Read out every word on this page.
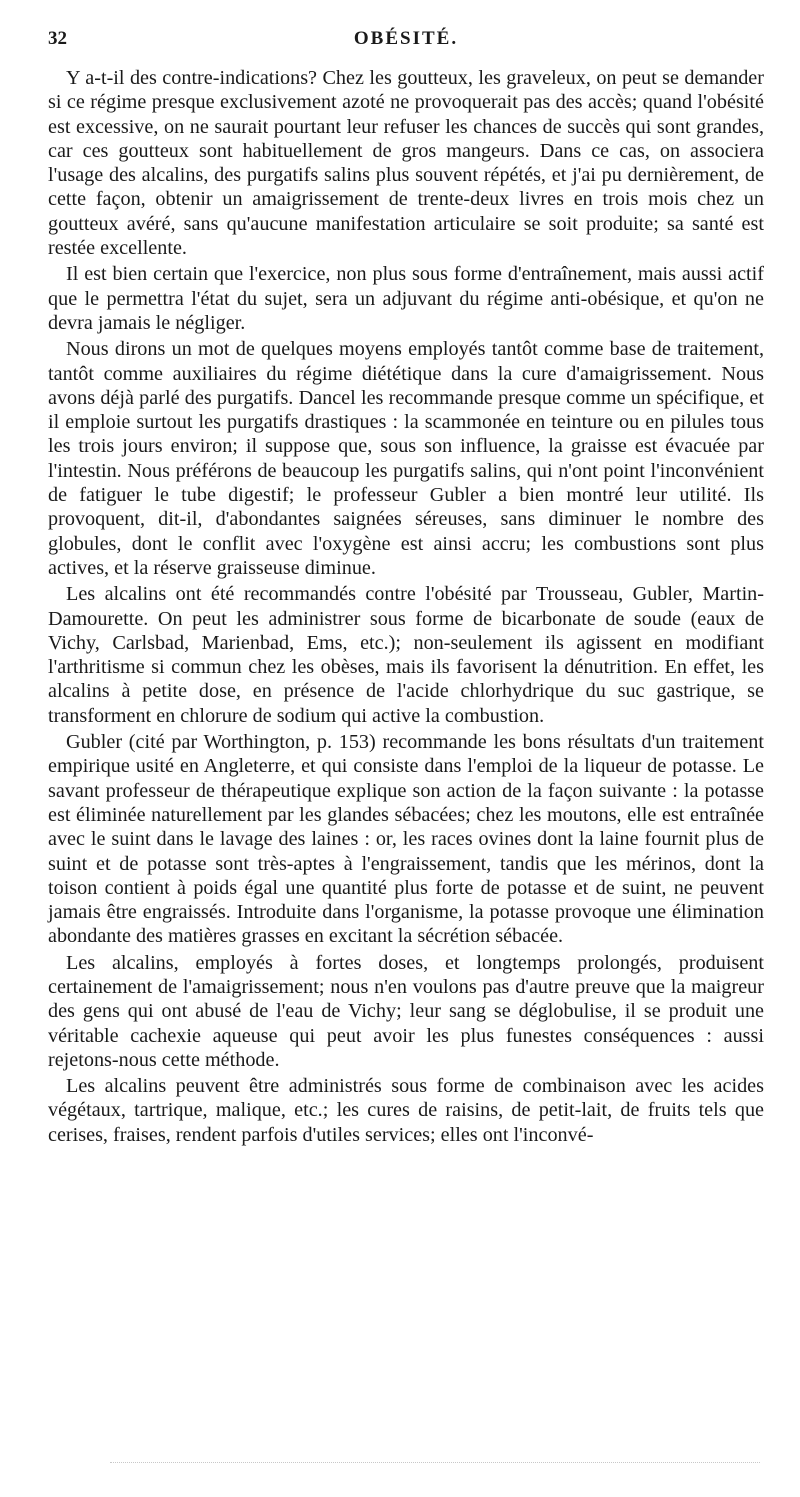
32	OBÉSITÉ.

Y a-t-il des contre-indications? Chez les goutteux, les graveleux, on peut se demander si ce régime presque exclusivement azoté ne provoquerait pas des accès; quand l'obésité est excessive, on ne saurait pourtant leur refuser les chances de succès qui sont grandes, car ces goutteux sont habituellement de gros mangeurs. Dans ce cas, on associera l'usage des alcalins, des purgatifs salins plus souvent répétés, et j'ai pu dernièrement, de cette façon, obtenir un amaigrissement de trente-deux livres en trois mois chez un goutteux avéré, sans qu'aucune manifestation articulaire se soit produite; sa santé est restée excellente.

Il est bien certain que l'exercice, non plus sous forme d'entraînement, mais aussi actif que le permettra l'état du sujet, sera un adjuvant du régime anti-obésique, et qu'on ne devra jamais le négliger.

Nous dirons un mot de quelques moyens employés tantôt comme base de traitement, tantôt comme auxiliaires du régime diététique dans la cure d'amaigrissement. Nous avons déjà parlé des purgatifs. Dancel les recommande presque comme un spécifique, et il emploie surtout les purgatifs drastiques : la scammonée en teinture ou en pilules tous les trois jours environ; il suppose que, sous son influence, la graisse est évacuée par l'intestin. Nous préférons de beaucoup les purgatifs salins, qui n'ont point l'inconvénient de fatiguer le tube digestif; le professeur Gubler a bien montré leur utilité. Ils provoquent, dit-il, d'abondantes saignées séreuses, sans diminuer le nombre des globules, dont le conflit avec l'oxygène est ainsi accru; les combustions sont plus actives, et la réserve graisseuse diminue.

Les alcalins ont été recommandés contre l'obésité par Trousseau, Gubler, Martin-Damourette. On peut les administrer sous forme de bicarbonate de soude (eaux de Vichy, Carlsbad, Marienbad, Ems, etc.); non-seulement ils agissent en modifiant l'arthritisme si commun chez les obèses, mais ils favorisent la dénutrition. En effet, les alcalins à petite dose, en présence de l'acide chlorhydrique du suc gastrique, se transforment en chlorure de sodium qui active la combustion.

Gubler (cité par Worthington, p. 153) recommande les bons résultats d'un traitement empirique usité en Angleterre, et qui consiste dans l'emploi de la liqueur de potasse. Le savant professeur de thérapeutique explique son action de la façon suivante : la potasse est éliminée naturellement par les glandes sébacées; chez les moutons, elle est entraînée avec le suint dans le lavage des laines : or, les races ovines dont la laine fournit plus de suint et de potasse sont très-aptes à l'engraissement, tandis que les mérinos, dont la toison contient à poids égal une quantité plus forte de potasse et de suint, ne peuvent jamais être engraissés. Introduite dans l'organisme, la potasse provoque une élimination abondante des matières grasses en excitant la sécrétion sébacée.

Les alcalins, employés à fortes doses, et longtemps prolongés, produisent certainement de l'amaigrissement; nous n'en voulons pas d'autre preuve que la maigreur des gens qui ont abusé de l'eau de Vichy; leur sang se déglobulise, il se produit une véritable cachexie aqueuse qui peut avoir les plus funestes conséquences : aussi rejetons-nous cette méthode.

Les alcalins peuvent être administrés sous forme de combinaison avec les acides végétaux, tartrique, malique, etc.; les cures de raisins, de petit-lait, de fruits tels que cerises, fraises, rendent parfois d'utiles services; elles ont l'inconvé-
